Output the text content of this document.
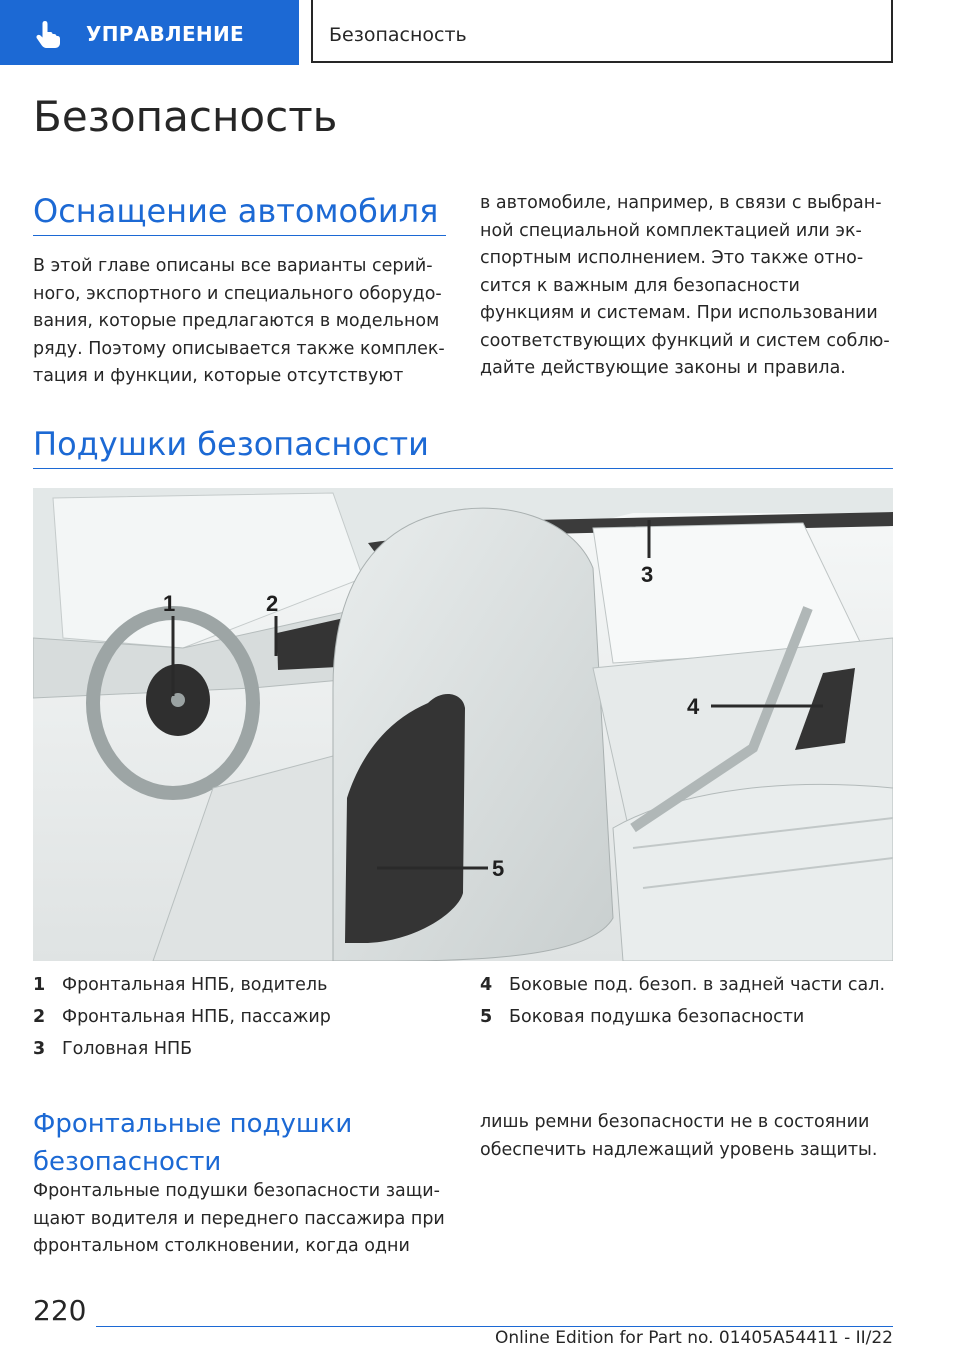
УПРАВЛЕНИЕ	Безопасность
Безопасность
Оснащение автомобиля
В этой главе описаны все варианты серий-
ного, экспортного и специального оборудо-
вания, которые предлагаются в модельном
ряду. Поэтому описывается также комплек-
тация и функции, которые отсутствуют
в автомобиле, например, в связи с выбран-
ной специальной комплектацией или эк-
спортным исполнением. Это также отно-
сится к важным для безопасности
функциям и системам. При использовании
соответствующих функций и систем соблю-
дайте действующие законы и правила.
Подушки безопасности
1	2
3
4
5
1 Фронтальная НПБ, водитель
2 Фронтальная НПБ, пассажир
3 Головная НПБ
4 Боковые под. безоп. в задней части сал.
5 Боковая подушка безопасности
Фронтальные подушки
безопасности
Фронтальные подушки безопасности защи-
щают водителя и переднего пассажира при
фронтальном столкновении, когда одни
лишь ремни безопасности не в состоянии
обеспечить надлежащий уровень защиты.
220
Online Edition for Part no. 01405A54411 - II/22
